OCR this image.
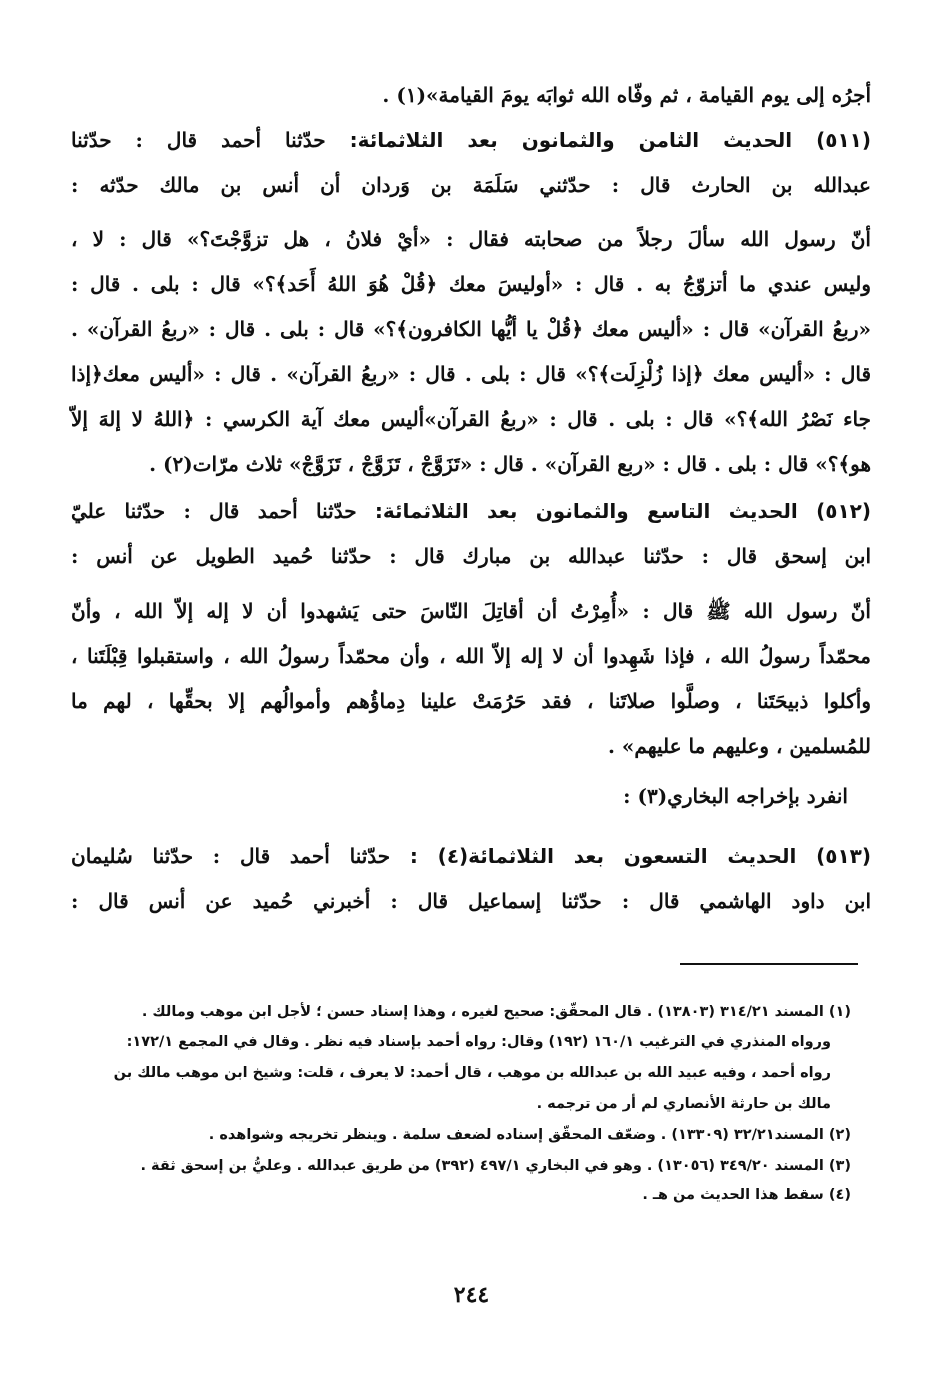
أجرُه إلى يوم القيامة ، ثم وفّاه الله ثوابَه يومَ القيامة»(١) .
(٥١١) الحديث الثامن والثمانون بعد الثلاثمائة: حدّثنا أحمد قال : حدّثنا
عبدالله بن الحارث قال : حدّثني سَلَمَة بن وَردان أن أنس بن مالك حدّثه :
أنّ رسول الله سألَ رجلاً من صحابته فقال : «أيْ فلانُ ، هل تزوَّجْتَ؟» قال : لا ،
وليس عندي ما أتزوّجُ به . قال : «أوليسَ معك ﴿قُلْ هُوَ اللهُ أَحَد﴾؟» قال : بلى . قال :
«ربعُ القرآن» قال : «أليس معك ﴿قُلْ يا أيُّها الكافرون﴾؟» قال : بلى . قال : «ربعُ القرآن» .
قال : «أليس معك ﴿إذا زُلْزِلَت﴾؟» قال : بلى . قال : «ربعُ القرآن» . قال : «أليس معك﴿إذا
جاء نَصْرُ الله﴾؟» قال : بلى . قال : «ربعُ القرآن»أليس معك آية الكرسي : ﴿اللهُ لا إلهَ إلاّ
هو﴾؟» قال : بلى . قال : «ربع القرآن» . قال : «تَزَوَّجْ ، تَزَوَّجْ ، تَزَوَّجْ» ثلاث مرّات(٢) .
(٥١٢) الحديث التاسع والثمانون بعد الثلاثمائة: حدّثنا أحمد قال : حدّثنا عليّ
ابن إسحق قال : حدّثنا عبدالله بن مبارك قال : حدّثنا حُميد الطويل عن أنس :
أنّ رسول الله ﷺ قال : «أُمِرْتُ أن أقاتِلَ النّاسَ حتى يَشهدوا أن لا إله إلاّ الله ، وأنّ
محمّداً رسولُ الله ، فإذا شَهِدوا أن لا إله إلاّ الله ، وأن محمّداً رسولُ الله ، واستقبلوا قِبْلَتَنا ،
وأكلوا ذبيحَتَنا ، وصلَّوا صلاتَنا ، فقد حَرُمَتْ علينا دِماؤُهم وأموالُهم إلا بحقِّها ، لهم ما
للمُسلمين ، وعليهم ما عليهم» .
انفرد بإخراجه البخاري(٣) :
(٥١٣) الحديث التسعون بعد الثلاثمائة(٤) : حدّثنا أحمد قال : حدّثنا سُليمان
ابن داود الهاشمي قال : حدّثنا إسماعيل قال : أخبرني حُميد عن أنس قال :
(١) المسند ٣١٤/٢١ (١٣٨٠٣) . قال المحقّق: صحيح لغيره ، وهذا إسناد حسن ؛ لأجل ابن موهب ومالك .
ورواه المنذري في الترغيب ١٦٠/١ (١٩٢) وقال: رواه أحمد بإسناد فيه نظر . وقال في المجمع ١٧٢/١:
رواه أحمد ، وفيه عبيد الله بن عبدالله بن موهب ، قال أحمد: لا يعرف ، قلت: وشيخ ابن موهب مالك بن
مالك بن حارثة الأنصاري لم أر من ترجمه .
(٢) المسند٣٢/٢١ (١٣٣٠٩) . وضعّف المحقّق إسناده لضعف سلمة . وينظر تخريجه وشواهده .
(٣) المسند ٣٤٩/٢٠ (١٣٠٥٦) . وهو في البخاري ٤٩٧/١ (٣٩٢) من طريق عبدالله . وعليُّ بن إسحق ثقة .
(٤) سقط هذا الحديث من هـ .
٢٤٤
